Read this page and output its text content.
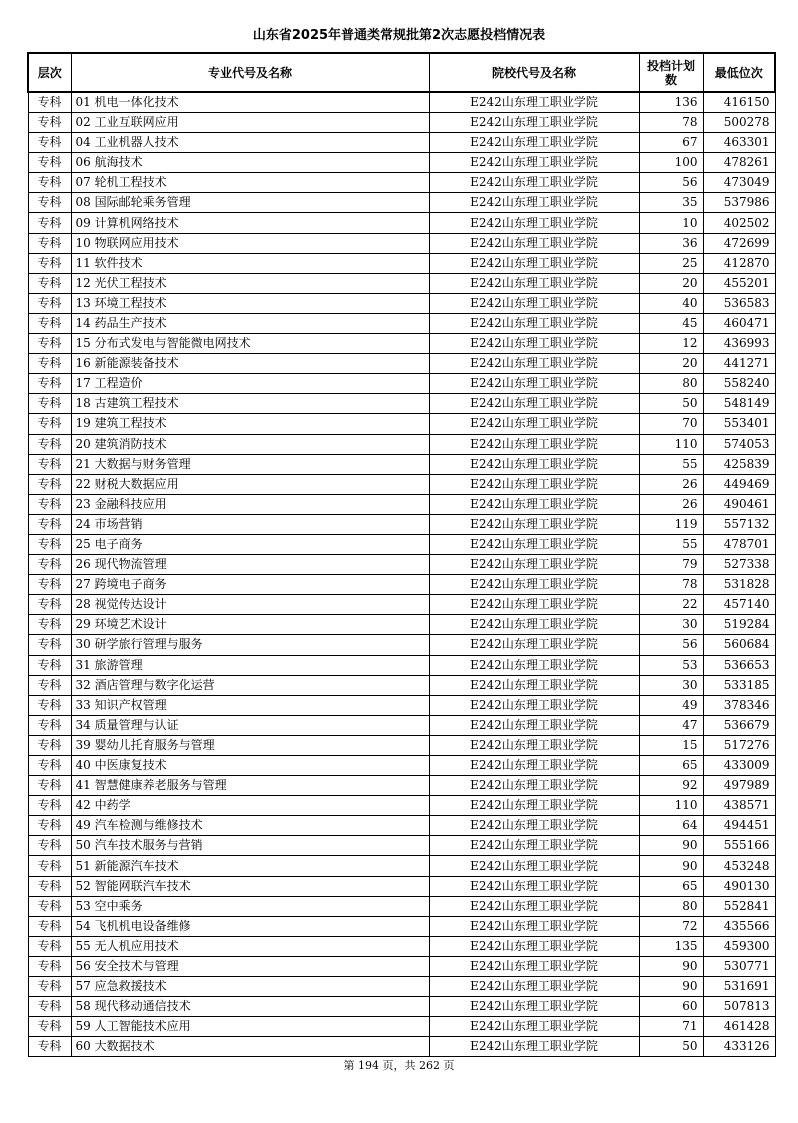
山东省2025年普通类常规批第2次志愿投档情况表
层次	专业代号及名称	院校代号及名称	投档计划数	最低位次
专科	01 机电一体化技术	E242山东理工职业学院	136	416150
专科	02 工业互联网应用	E242山东理工职业学院	78	500278
专科	04 工业机器人技术	E242山东理工职业学院	67	463301
专科	06 航海技术	E242山东理工职业学院	100	478261
专科	07 轮机工程技术	E242山东理工职业学院	56	473049
专科	08 国际邮轮乘务管理	E242山东理工职业学院	35	537986
专科	09 计算机网络技术	E242山东理工职业学院	10	402502
专科	10 物联网应用技术	E242山东理工职业学院	36	472699
专科	11 软件技术	E242山东理工职业学院	25	412870
专科	12 光伏工程技术	E242山东理工职业学院	20	455201
专科	13 环境工程技术	E242山东理工职业学院	40	536583
专科	14 药品生产技术	E242山东理工职业学院	45	460471
专科	15 分布式发电与智能微电网技术	E242山东理工职业学院	12	436993
专科	16 新能源装备技术	E242山东理工职业学院	20	441271
专科	17 工程造价	E242山东理工职业学院	80	558240
专科	18 古建筑工程技术	E242山东理工职业学院	50	548149
专科	19 建筑工程技术	E242山东理工职业学院	70	553401
专科	20 建筑消防技术	E242山东理工职业学院	110	574053
专科	21 大数据与财务管理	E242山东理工职业学院	55	425839
专科	22 财税大数据应用	E242山东理工职业学院	26	449469
专科	23 金融科技应用	E242山东理工职业学院	26	490461
专科	24 市场营销	E242山东理工职业学院	119	557132
专科	25 电子商务	E242山东理工职业学院	55	478701
专科	26 现代物流管理	E242山东理工职业学院	79	527338
专科	27 跨境电子商务	E242山东理工职业学院	78	531828
专科	28 视觉传达设计	E242山东理工职业学院	22	457140
专科	29 环境艺术设计	E242山东理工职业学院	30	519284
专科	30 研学旅行管理与服务	E242山东理工职业学院	56	560684
专科	31 旅游管理	E242山东理工职业学院	53	536653
专科	32 酒店管理与数字化运营	E242山东理工职业学院	30	533185
专科	33 知识产权管理	E242山东理工职业学院	49	378346
专科	34 质量管理与认证	E242山东理工职业学院	47	536679
专科	39 婴幼儿托育服务与管理	E242山东理工职业学院	15	517276
专科	40 中医康复技术	E242山东理工职业学院	65	433009
专科	41 智慧健康养老服务与管理	E242山东理工职业学院	92	497989
专科	42 中药学	E242山东理工职业学院	110	438571
专科	49 汽车检测与维修技术	E242山东理工职业学院	64	494451
专科	50 汽车技术服务与营销	E242山东理工职业学院	90	555166
专科	51 新能源汽车技术	E242山东理工职业学院	90	453248
专科	52 智能网联汽车技术	E242山东理工职业学院	65	490130
专科	53 空中乘务	E242山东理工职业学院	80	552841
专科	54 飞机机电设备维修	E242山东理工职业学院	72	435566
专科	55 无人机应用技术	E242山东理工职业学院	135	459300
专科	56 安全技术与管理	E242山东理工职业学院	90	530771
专科	57 应急救援技术	E242山东理工职业学院	90	531691
专科	58 现代移动通信技术	E242山东理工职业学院	60	507813
专科	59 人工智能技术应用	E242山东理工职业学院	71	461428
专科	60 大数据技术	E242山东理工职业学院	50	433126
第 194 页，共 262 页
